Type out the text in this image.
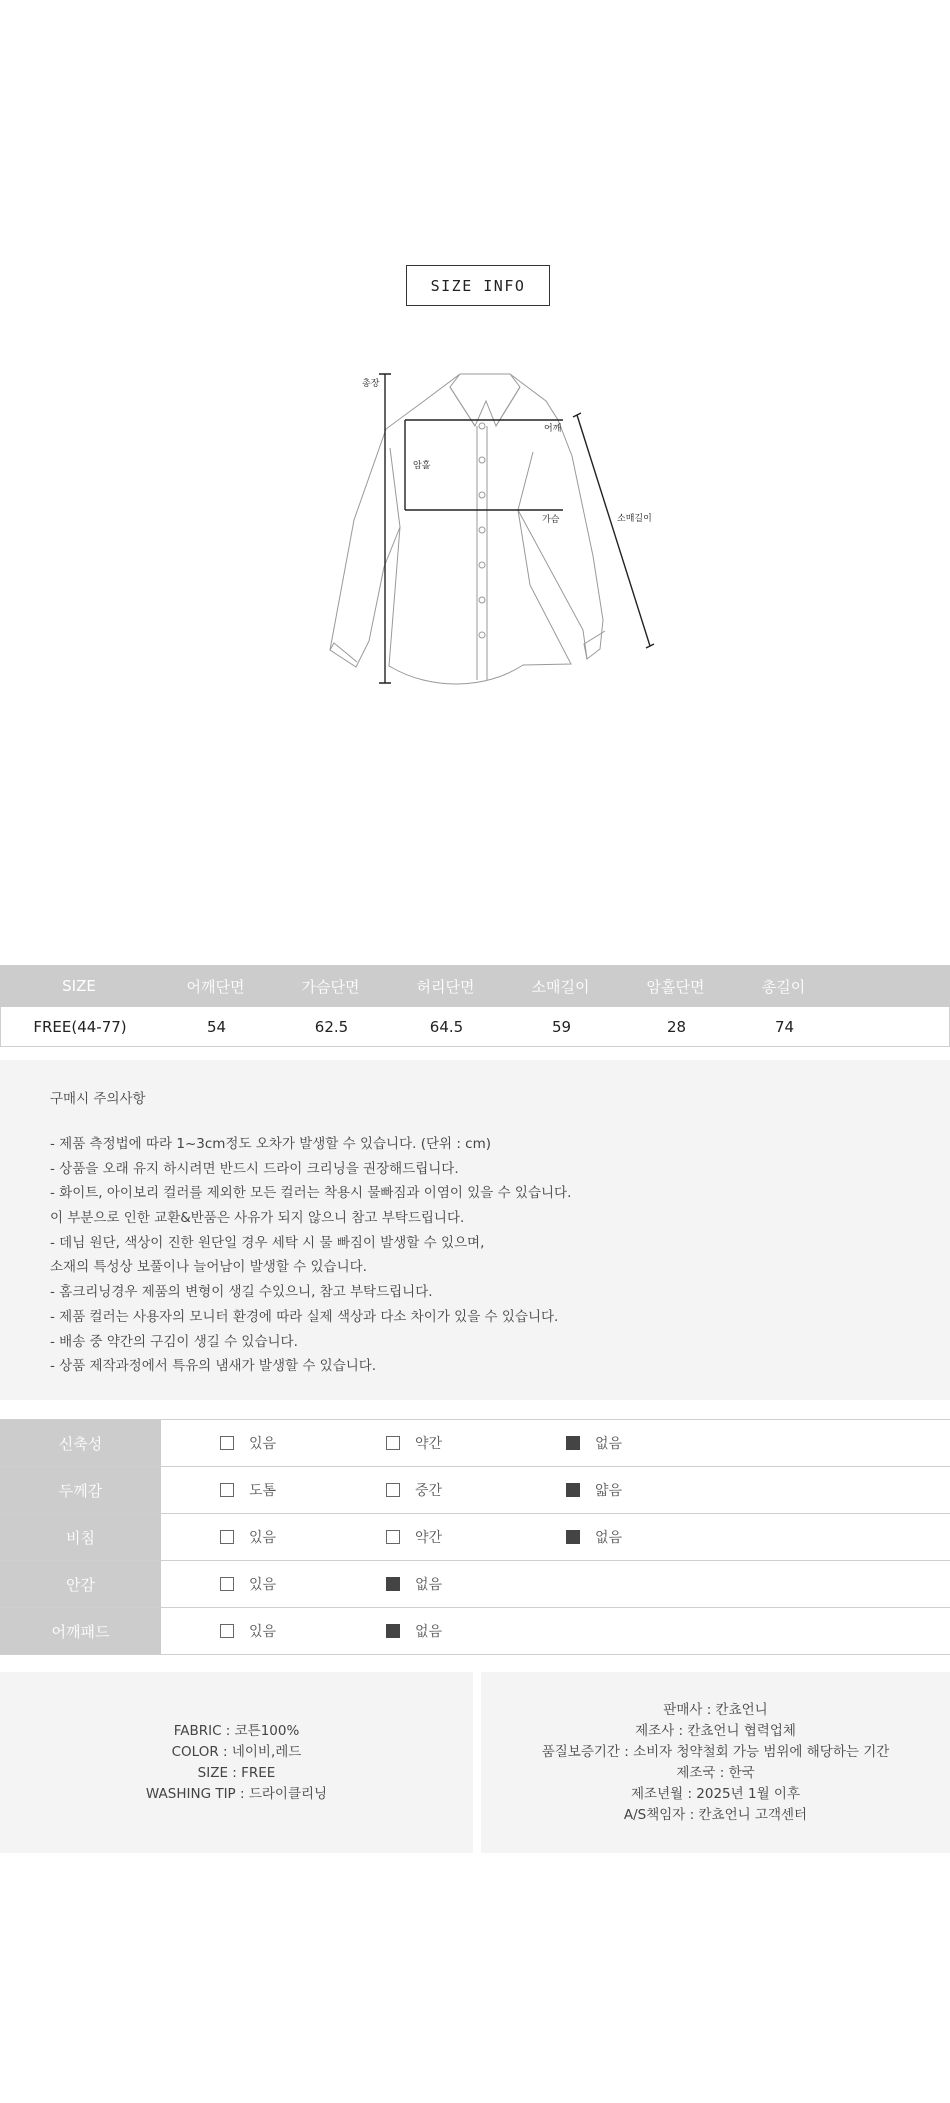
SIZE INFO
총장
어깨
암홀
가슴	소매길이
SIZE	어깨단면	가슴단면	허리단면	소매길이	암홀단면	총길이
FREE(44-77)	54	62.5	64.5	59	28	74
구매시 주의사항
- 제품 측정법에 따라 1~3cm정도 오차가 발생할 수 있습니다. (단위 : cm)
- 상품을 오래 유지 하시려면 반드시 드라이 크리닝을 권장해드립니다.
- 화이트, 아이보리 컬러를 제외한 모든 컬러는 착용시 물빠짐과 이염이 있을 수 있습니다.
이 부분으로 인한 교환&반품은 사유가 되지 않으니 참고 부탁드립니다.
- 데님 원단, 색상이 진한 원단일 경우 세탁 시 물 빠짐이 발생할 수 있으며,
소재의 특성상 보풀이나 늘어남이 발생할 수 있습니다.
- 홈크리닝경우 제품의 변형이 생길 수있으니, 참고 부탁드립니다.
- 제품 컬러는 사용자의 모니터 환경에 따라 실제 색상과 다소 차이가 있을 수 있습니다.
- 배송 중 약간의 구김이 생길 수 있습니다.
- 상품 제작과정에서 특유의 냄새가 발생할 수 있습니다.
신축성	있음	약간	없음
두께감	도톰	중간	얇음
비침	있음	약간	없음
안감	있음	없음
어깨패드	있음	없음
FABRIC : 코튼100%
COLOR : 네이비,레드
SIZE : FREE
WASHING TIP : 드라이클리닝
판매사 : 칸쵸언니
제조사 : 칸쵸언니 협력업체
품질보증기간 : 소비자 청약철회 가능 범위에 해당하는 기간
제조국 : 한국
제조년월 : 2025년 1월 이후
A/S책임자 : 칸쵸언니 고객센터
